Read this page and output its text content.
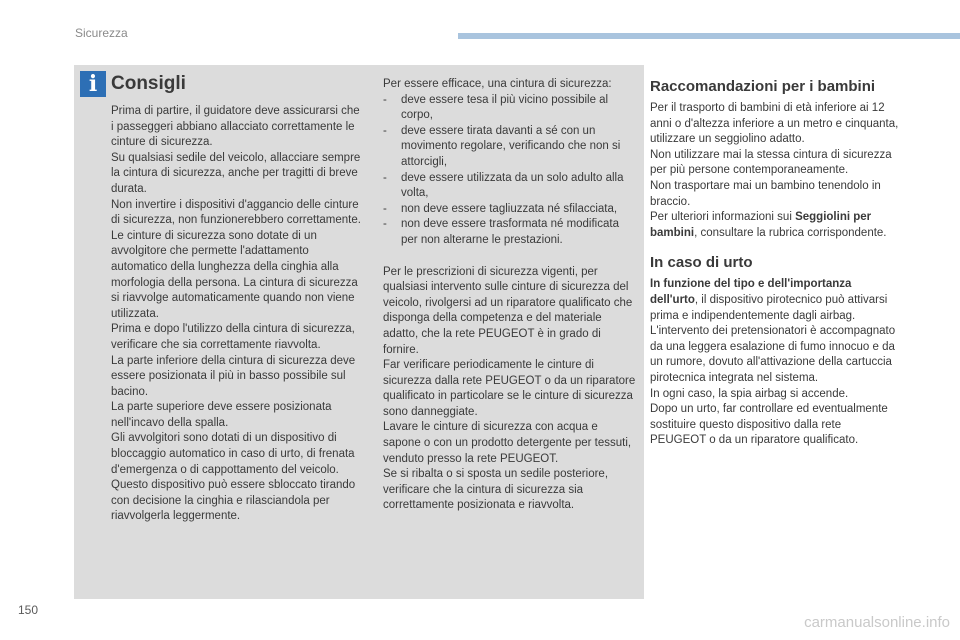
Sicurezza
i Consigli

Prima di partire, il guidatore deve assicurarsi che i passeggeri abbiano allacciato correttamente le cinture di sicurezza.

Su qualsiasi sedile del veicolo, allacciare sempre la cintura di sicurezza, anche per tragitti di breve durata.

Non invertire i dispositivi d'aggancio delle cinture di sicurezza, non funzionerebbero correttamente.

Le cinture di sicurezza sono dotate di un avvolgitore che permette l'adattamento automatico della lunghezza della cinghia alla morfologia della persona. La cintura di sicurezza si riavvolge automaticamente quando non viene utilizzata.

Prima e dopo l'utilizzo della cintura di sicurezza, verificare che sia correttamente riavvolta.

La parte inferiore della cintura di sicurezza deve essere posizionata il più in basso possibile sul bacino.

La parte superiore deve essere posizionata nell'incavo della spalla.

Gli avvolgitori sono dotati di un dispositivo di bloccaggio automatico in caso di urto, di frenata d'emergenza o di cappottamento del veicolo. Questo dispositivo può essere sbloccato tirando con decisione la cinghia e rilasciandola per riavvolgerla leggermente.

Per essere efficace, una cintura di sicurezza:

- deve essere tesa il più vicino possibile al corpo,
- deve essere tirata davanti a sé con un movimento regolare, verificando che non si attorcigli,
- deve essere utilizzata da un solo adulto alla volta,
- non deve essere tagliuzzata né sfilacciata,
- non deve essere trasformata né modificata per non alterarne le prestazioni.

Per le prescrizioni di sicurezza vigenti, per qualsiasi intervento sulle cinture di sicurezza del veicolo, rivolgersi ad un riparatore qualificato che disponga della competenza e del materiale adatto, che la rete PEUGEOT è in grado di fornire.

Far verificare periodicamente le cinture di sicurezza dalla rete PEUGEOT o da un riparatore qualificato in particolare se le cinture di sicurezza sono danneggiate.

Lavare le cinture di sicurezza con acqua e sapone o con un prodotto detergente per tessuti, venduto presso la rete PEUGEOT.

Se si ribalta o si sposta un sedile posteriore, verificare che la cintura di sicurezza sia correttamente posizionata e riavvolta.

Raccomandazioni per i bambini

Per il trasporto di bambini di età inferiore ai 12 anni o d'altezza inferiore a un metro e cinquanta, utilizzare un seggiolino adatto.

Non utilizzare mai la stessa cintura di sicurezza per più persone contemporaneamente.

Non trasportare mai un bambino tenendolo in braccio.

Per ulteriori informazioni sui Seggiolini per bambini, consultare la rubrica corrispondente.

In caso di urto

In funzione del tipo e dell'importanza dell'urto, il dispositivo pirotecnico può attivarsi prima e indipendentemente dagli airbag. L'intervento dei pretensionatori è accompagnato da una leggera esalazione di fumo innocuo e da un rumore, dovuto all'attivazione della cartuccia pirotecnica integrata nel sistema.

In ogni caso, la spia airbag si accende.

Dopo un urto, far controllare ed eventualmente sostituire questo dispositivo dalla rete PEUGEOT o da un riparatore qualificato.

150
carmanualsonline.info
